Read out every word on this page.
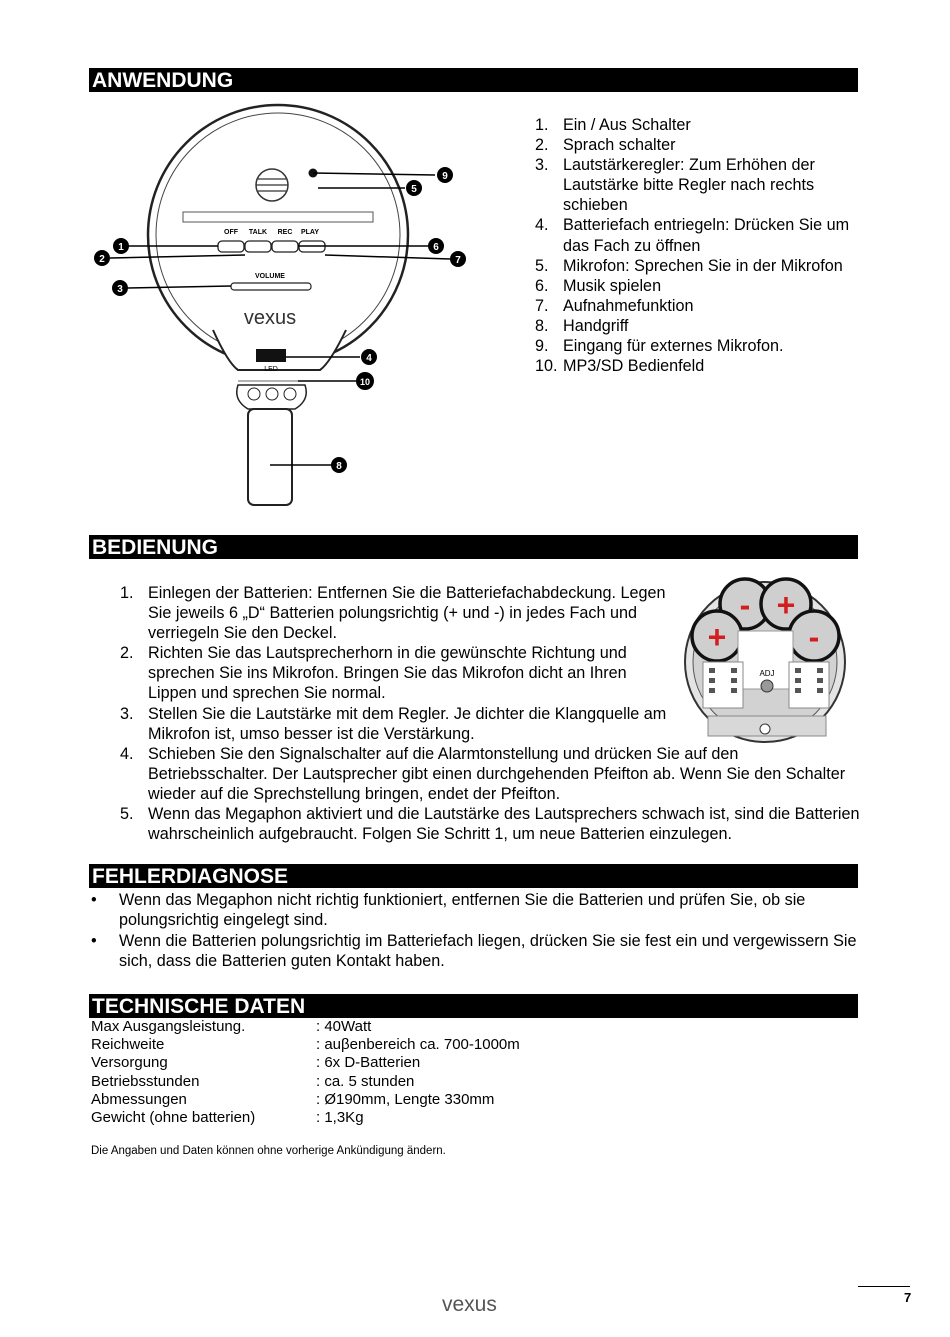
ANWENDUNG
OFF TALK REC PLAY
VOLUME
vexus
LED
1
2
3
4
5
6
7
8
9
10
1. Ein / Aus Schalter
2. Sprach schalter
3. Lautstärkeregler: Zum Erhöhen der Lautstärke bitte Regler nach rechts schieben
4. Batteriefach entriegeln: Drücken Sie um das Fach zu öffnen
5. Mikrofon: Sprechen Sie in der Mikrofon
6. Musik spielen
7. Aufnahmefunktion
8. Handgriff
9. Eingang für externes Mikrofon.
10. MP3/SD Bedienfeld
BEDIENUNG
- +
+	-
ADJ
1. Einlegen der Batterien: Entfernen Sie die Batteriefachabdeckung. Legen Sie jeweils 6 „D“ Batterien polungsrichtig (+ und -) in jedes Fach und verriegeln Sie den Deckel.
2. Richten Sie das Lautsprecherhorn in die gewünschte Richtung und sprechen Sie ins Mikrofon. Bringen Sie das Mikrofon dicht an Ihren Lippen und sprechen Sie normal.
3. Stellen Sie die Lautstärke mit dem Regler. Je dichter die Klangquelle am Mikrofon ist, umso besser ist die Verstärkung.
4. Schieben Sie den Signalschalter auf die Alarmtonstellung und drücken Sie auf den Betriebsschalter. Der Lautsprecher gibt einen durchgehenden Pfeifton ab. Wenn Sie den Schalter wieder auf die Sprechstellung bringen, endet der Pfeifton.
5. Wenn das Megaphon aktiviert und die Lautstärke des Lautsprechers schwach ist, sind die Batterien wahrscheinlich aufgebraucht. Folgen Sie Schritt 1, um neue Batterien einzulegen.
FEHLERDIAGNOSE
• Wenn das Megaphon nicht richtig funktioniert, entfernen Sie die Batterien und prüfen Sie, ob sie polungsrichtig eingelegt sind.
• Wenn die Batterien polungsrichtig im Batteriefach liegen, drücken Sie sie fest ein und vergewissern Sie sich, dass die Batterien guten Kontakt haben.
TECHNISCHE DATEN
Max Ausgangsleistung.	: 40Watt
Reichweite	: auβenbereich ca. 700-1000m
Versorgung	: 6x D-Batterien
Betriebsstunden	: ca. 5 stunden
Abmessungen	: Ø190mm, Lengte 330mm
Gewicht (ohne batterien)	: 1,3Kg
Die Angaben und Daten können ohne vorherige Ankündigung ändern.
vexus	7
